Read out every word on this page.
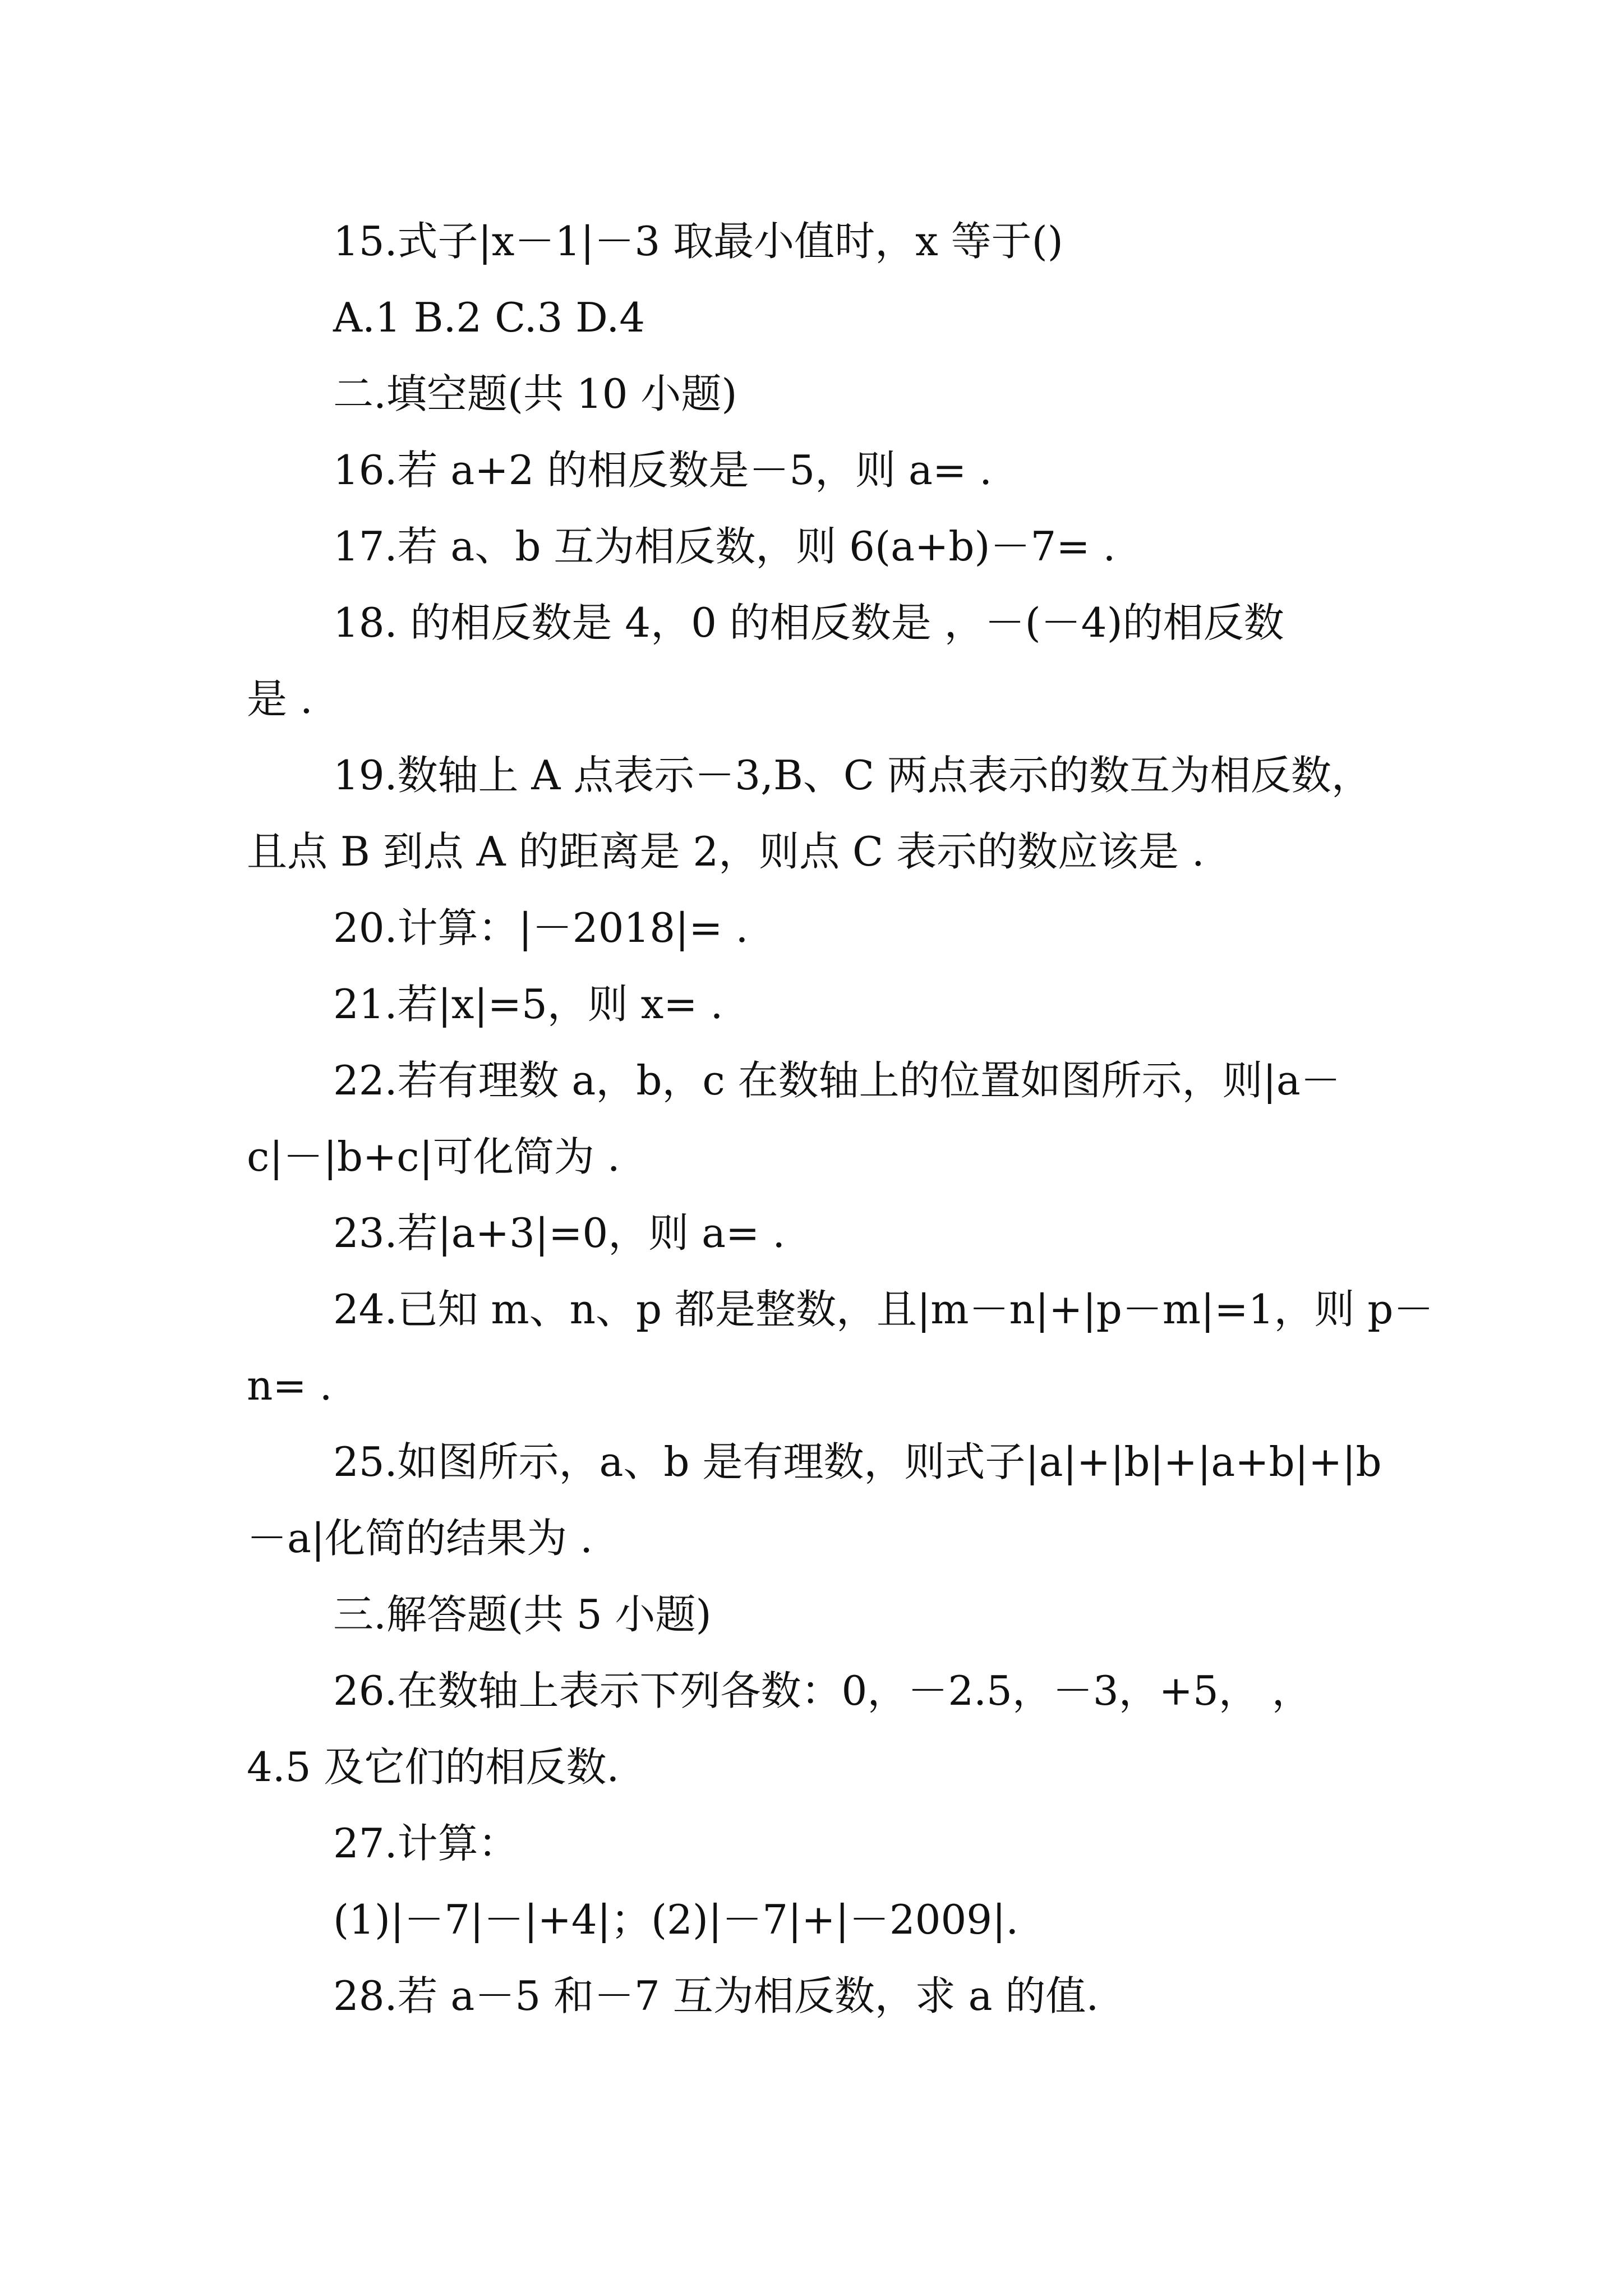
15.式子|x－1|－3 取最小值时，x 等于()

A.1 B.2 C.3 D.4

二.填空题(共 10 小题)

16.若 a+2 的相反数是－5，则 a= .

17.若 a、b 互为相反数，则 6(a+b)－7= .

18. 的相反数是 4，0 的相反数是 ，－(－4)的相反数

是 .

19.数轴上 A 点表示－3,B、C 两点表示的数互为相反数，

且点 B 到点 A 的距离是 2，则点 C 表示的数应该是 .

20.计算：|－2018|= .

21.若|x|=5，则 x= .

22.若有理数 a，b，c 在数轴上的位置如图所示，则|a－

c|－|b+c|可化简为 .

23.若|a+3|=0，则 a= .

24.已知 m、n、p 都是整数，且|m－n|+|p－m|=1，则 p－

n= .

25.如图所示，a、b 是有理数，则式子|a|+|b|+|a+b|+|b

－a|化简的结果为 .

三.解答题(共 5 小题)

26.在数轴上表示下列各数：0，－2.5，－3，+5， ，

4.5 及它们的相反数.

27.计算：

(1)|－7|－|+4|；(2)|－7|+|－2009|.

28.若 a－5 和－7 互为相反数，求 a 的值.
